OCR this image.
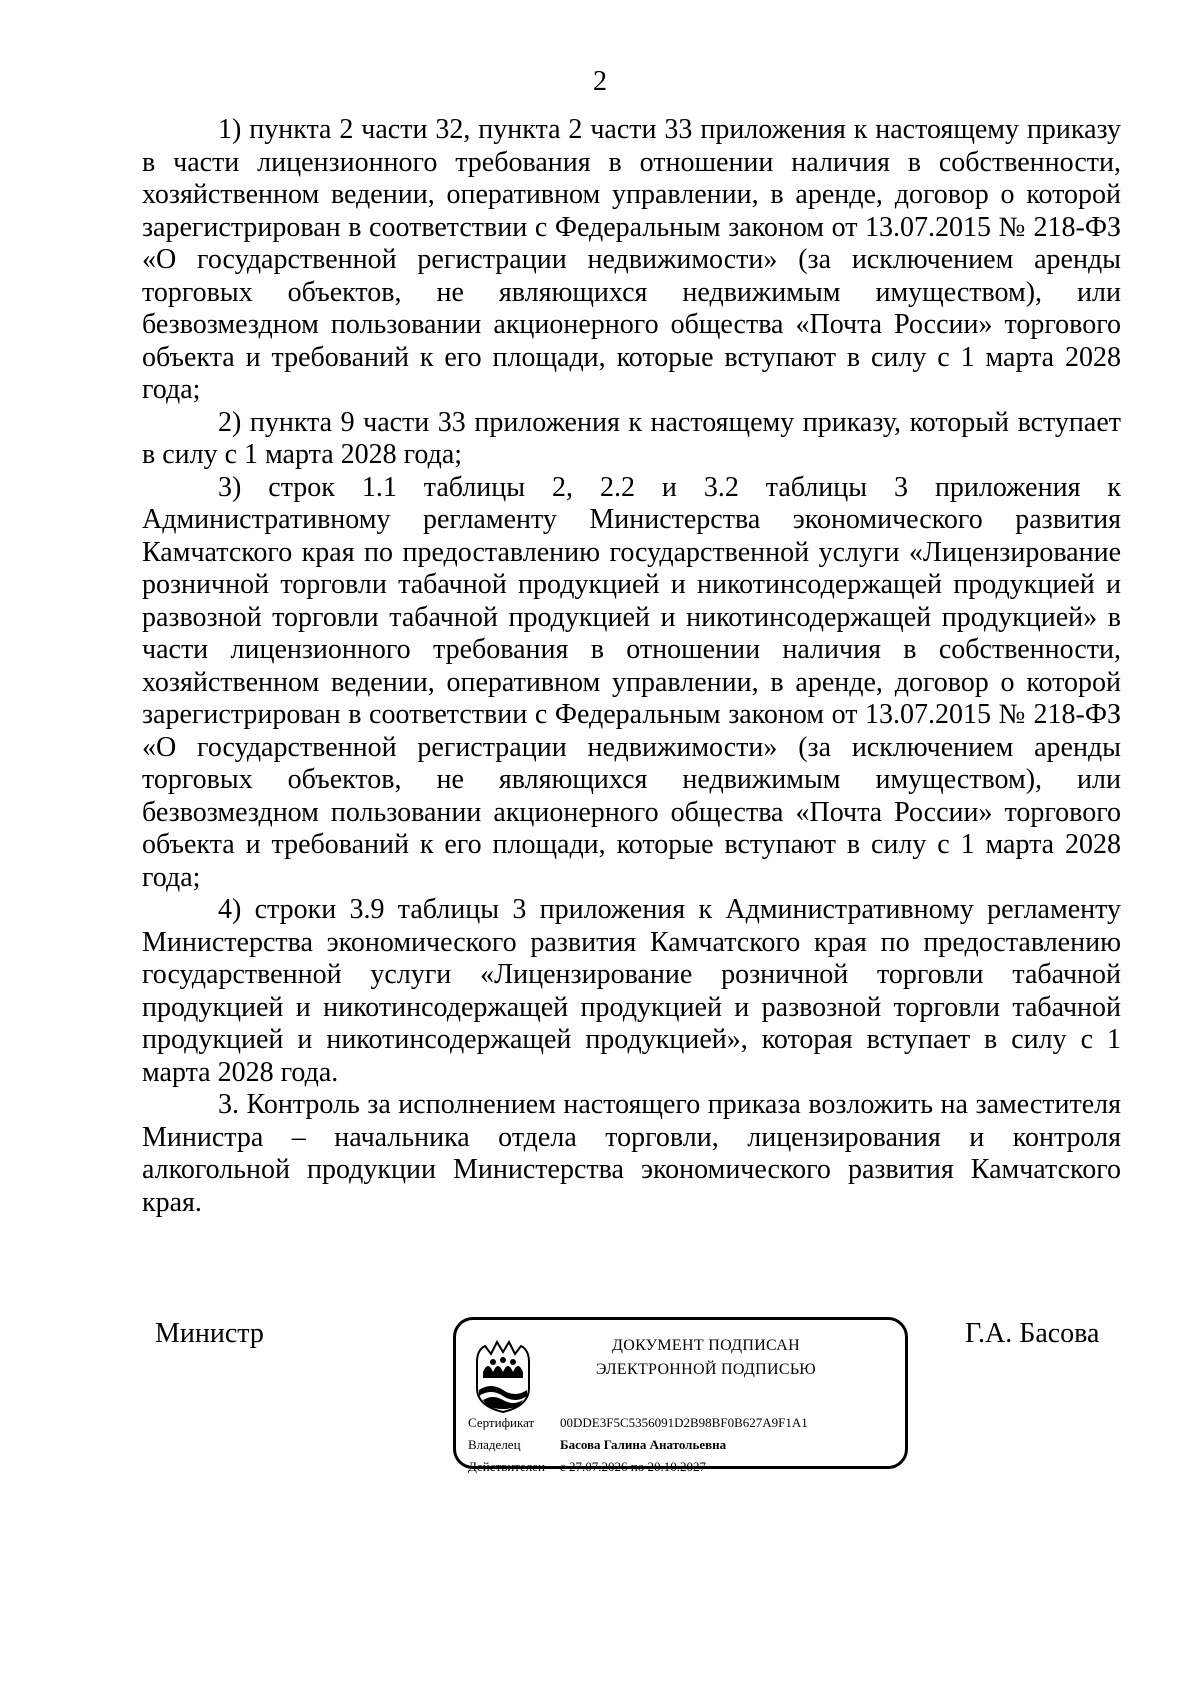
2

1) пункта 2 части 32, пункта 2 части 33 приложения к настоящему приказу в части лицензионного требования в отношении наличия в собственности, хозяйственном ведении, оперативном управлении, в аренде, договор о которой зарегистрирован в соответствии с Федеральным законом от 13.07.2015 № 218-ФЗ «О государственной регистрации недвижимости» (за исключением аренды торговых объектов, не являющихся недвижимым имуществом), или безвозмездном пользовании акционерного общества «Почта России» торгового объекта и требований к его площади, которые вступают в силу с 1 марта 2028 года;

2) пункта 9 части 33 приложения к настоящему приказу, который вступает в силу с 1 марта 2028 года;

3) строк 1.1 таблицы 2, 2.2 и 3.2 таблицы 3 приложения к Административному регламенту Министерства экономического развития Камчатского края по предоставлению государственной услуги «Лицензирование розничной торговли табачной продукцией и никотинсодержащей продукцией и развозной торговли табачной продукцией и никотинсодержащей продукцией» в части лицензионного требования в отношении наличия в собственности, хозяйственном ведении, оперативном управлении, в аренде, договор о которой зарегистрирован в соответствии с Федеральным законом от 13.07.2015 № 218-ФЗ «О государственной регистрации недвижимости» (за исключением аренды торговых объектов, не являющихся недвижимым имуществом), или безвозмездном пользовании акционерного общества «Почта России» торгового объекта и требований к его площади, которые вступают в силу с 1 марта 2028 года;

4) строки 3.9 таблицы 3 приложения к Административному регламенту Министерства экономического развития Камчатского края по предоставлению государственной услуги «Лицензирование розничной торговли табачной продукцией и никотинсодержащей продукцией и развозной торговли табачной продукцией и никотинсодержащей продукцией», которая вступает в силу с 1 марта 2028 года.

3. Контроль за исполнением настоящего приказа возложить на заместителя Министра – начальника отдела торговли, лицензирования и контроля алкогольной продукции Министерства экономического развития Камчатского края.

Министр	ДОКУМЕНТ ПОДПИСАН
ЭЛЕКТРОННОЙ ПОДПИСЬЮ
Сертификат 00DDE3F5C5356091D2B98BF0B627A9F1A1
Владелец	Басова Галина Анатольевна
Действителен с 27.07.2026 по 20.10.2027
Г.А. Басова
